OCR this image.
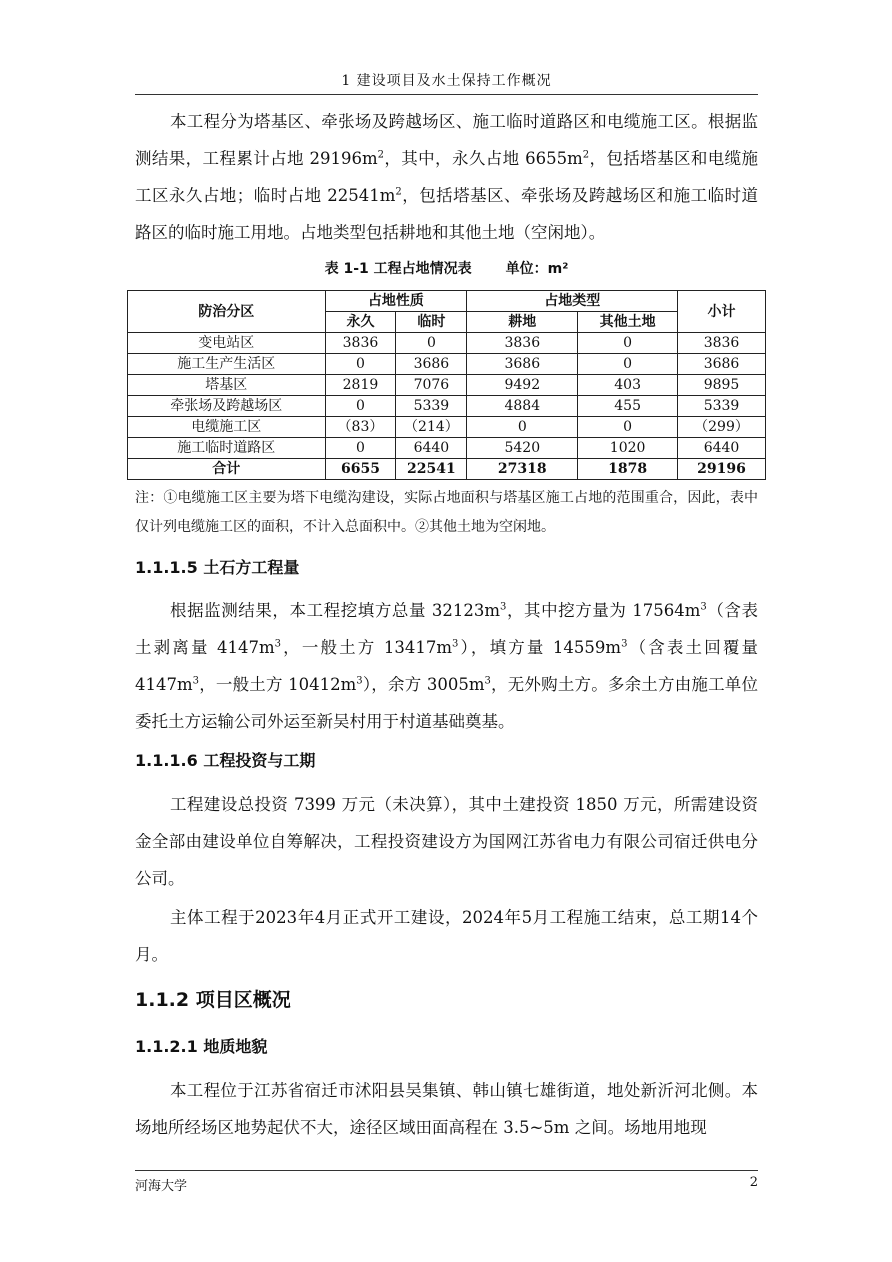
1 建设项目及水土保持工作概况

本工程分为塔基区、牵张场及跨越场区、施工临时道路区和电缆施工区。根据监测结果，工程累计占地 $29196m^2$，其中，永久占地 $6655m^2$，包括塔基区和电缆施工区永久占地；临时占地 $22541m^2$，包括塔基区、牵张场及跨越场区和施工临时道路区的临时施工用地。占地类型包括耕地和其他土地（空闲地）。

表 1-1 工程占地情况表 单位：m²
防治分区	占地性质		占地类型		小计
	永久	临时	耕地	其他土地	
变电站区	3836	0	3836	0	3836
施工生产生活区	0	3686	3686	0	3686
塔基区	2819	7076	9492	403	9895
牵张场及跨越场区	0	5339	4884	455	5339
电缆施工区	（83）	（214）	0	0	（299）
施工临时道路区	0	6440	5420	1020	6440
合计	6655	22541	27318	1878	29196

注：①电缆施工区主要为塔下电缆沟建设，实际占地面积与塔基区施工占地的范围重合，因此，表中仅计列电缆施工区的面积，不计入总面积中。②其他土地为空闲地。

1.1.1.5 土石方工程量

根据监测结果，本工程挖填方总量 $32123m^3$，其中挖方量为 $17564m^3$（含表土剥离量 $4147m^3$，一般土方 $13417m^3$），填方量 $14559m^3$（含表土回覆量 $4147m^3$，一般土方 $10412m^3$），余方 $3005m^3$，无外购土方。多余土方由施工单位委托土方运输公司外运至新吴村用于村道基础奠基。

1.1.1.6 工程投资与工期

工程建设总投资 7399 万元（未决算），其中土建投资 1850 万元，所需建设资金全部由建设单位自筹解决，工程投资建设方为国网江苏省电力有限公司宿迁供电分公司。

主体工程于2023年4月正式开工建设，2024年5月工程施工结束，总工期14个月。

1.1.2 项目区概况
1.1.2.1 地质地貌

本工程位于江苏省宿迁市沭阳县吴集镇、韩山镇七雄街道，地处新沂河北侧。本场地所经场区地势起伏不大，途径区域田面高程在 3.5~5m 之间。场地用地现

河海大学	2
